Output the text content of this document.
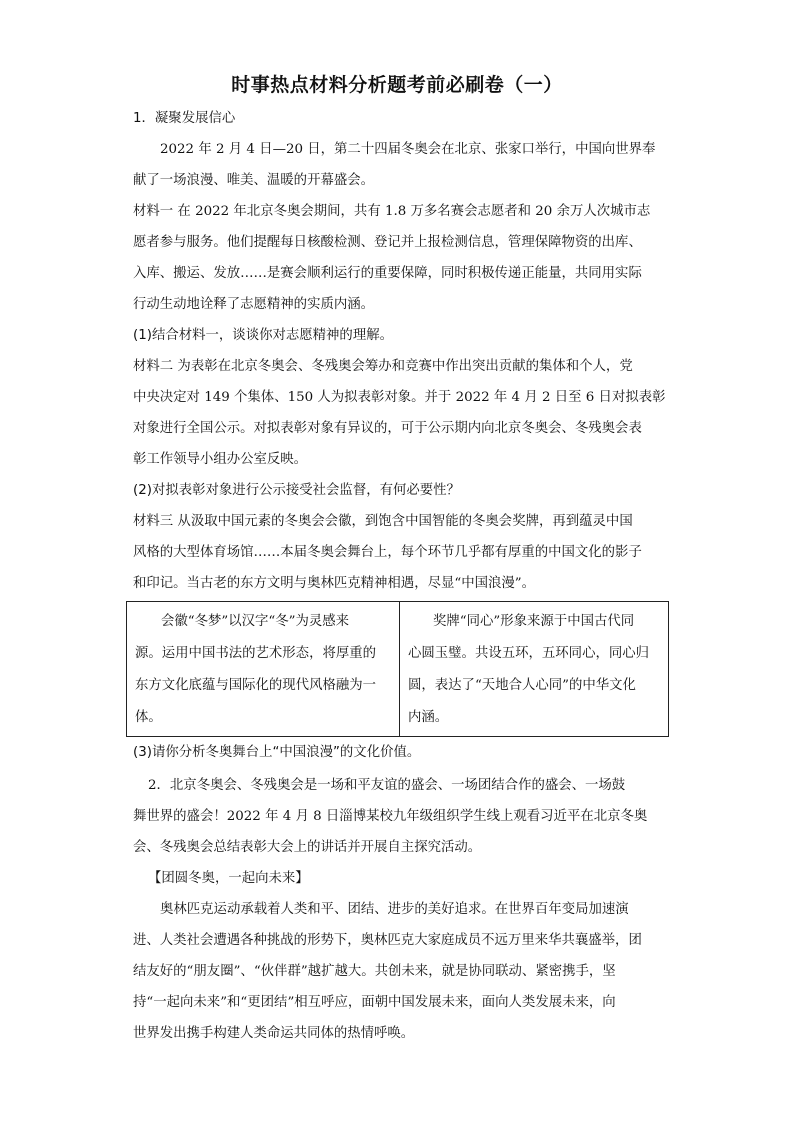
时事热点材料分析题考前必刷卷（一）
1．凝聚发展信心
2022 年 2 月 4 日—20 日，第二十四届冬奥会在北京、张家口举行，中国向世界奉
献了一场浪漫、唯美、温暖的开幕盛会。
材料一 在 2022 年北京冬奥会期间，共有 1.8 万多名赛会志愿者和 20 余万人次城市志
愿者参与服务。他们提醒每日核酸检测、登记并上报检测信息，管理保障物资的出库、
入库、搬运、发放……是赛会顺利运行的重要保障，同时积极传递正能量，共同用实际
行动生动地诠释了志愿精神的实质内涵。
(1)结合材料一，谈谈你对志愿精神的理解。
材料二 为表彰在北京冬奥会、冬残奥会筹办和竞赛中作出突出贡献的集体和个人，党
中央决定对 149 个集体、150 人为拟表彰对象。并于 2022 年 4 月 2 日至 6 日对拟表彰
对象进行全国公示。对拟表彰对象有异议的，可于公示期内向北京冬奥会、冬残奥会表
彰工作领导小组办公室反映。
(2)对拟表彰对象进行公示接受社会监督，有何必要性？
材料三 从汲取中国元素的冬奥会会徽，到饱含中国智能的冬奥会奖牌，再到蕴灵中国
风格的大型体育场馆……本届冬奥会舞台上，每个环节几乎都有厚重的中国文化的影子
和印记。当古老的东方文明与奥林匹克精神相遇，尽显“中国浪漫”。
会徽“冬梦”以汉字“冬”为灵感来
源。运用中国书法的艺术形态，将厚重的
东方文化底蕴与国际化的现代风格融为一
体。
奖牌“同心”形象来源于中国古代同
心圆玉璧。共设五环，五环同心，同心归
圆，表达了“天地合人心同”的中华文化
内涵。
(3)请你分析冬奥舞台上“中国浪漫”的文化价值。
2．北京冬奥会、冬残奥会是一场和平友谊的盛会、一场团结合作的盛会、一场鼓
舞世界的盛会！2022 年 4 月 8 日淄博某校九年级组织学生线上观看习近平在北京冬奥
会、冬残奥会总结表彰大会上的讲话并开展自主探究活动。
【团圆冬奥，一起向未来】
奥林匹克运动承载着人类和平、团结、进步的美好追求。在世界百年变局加速演
进、人类社会遭遇各种挑战的形势下，奥林匹克大家庭成员不远万里来华共襄盛举，团
结友好的“朋友圈”、“伙伴群”越扩越大。共创未来，就是协同联动、紧密携手，坚
持“一起向未来”和“更团结”相互呼应，面朝中国发展未来，面向人类发展未来，向
世界发出携手构建人类命运共同体的热情呼唤。
